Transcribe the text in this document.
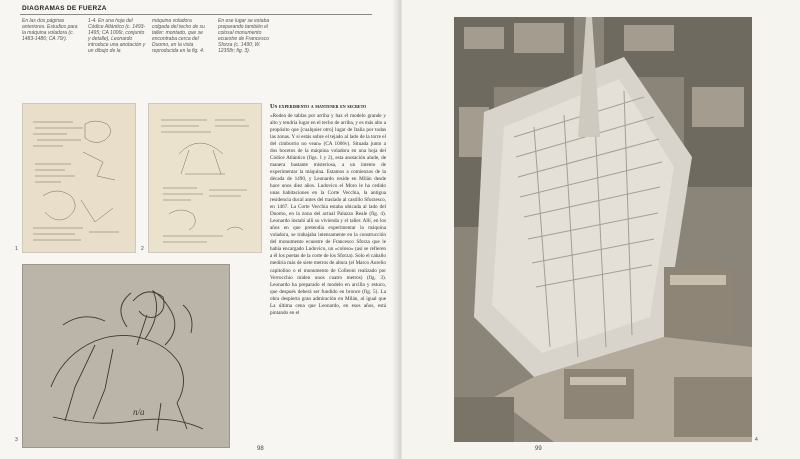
DIAGRAMAS DE FUERZA
En las dos páginas anteriores. Estudios para la máquina voladora (c. 1483-1486; CA 70r).
1-4. En una hoja del Códice Atlántico (c. 1493-1495; CA 1006r, conjunto y detalle), Leonardo introduce una anotación y un dibujo de la
máquina voladora colgada del techo de su taller: montado, que se encontraba cerca del Duomo, en la vista reproducida en la fig. 4.
En ese lugar se estaba preparando también el colosal monumento ecuestre de Francesco Sforza (c. 1490; W. 12358r; fig. 3).
1	2
n/a
3
Un experimento a mantener en secreto
«Rodea de tablas por arriba y haz el modelo grande y alto y tendría lugar en el techo de arriba, y es más alto a propósito que [cualquier otro] lugar de Italia por todas las zonas. Y si estás sobre el tejado al lado de la torre el del cimborrio no vean» (CA 1006v). Situada junto a dos bocetos de la máquina voladora en una hoja del Códice Atlántico (figs. 1 y 2), esta anotación alude, de manera bastante misteriosa, a un intento de experimentar la máquina. Estamos a comienzos de la década de 1490, y Leonardo reside en Milán desde hace unos diez años. Ludovico el Moro le ha cedido unas habitaciones en la Corte Vecchia, la antigua residencia ducal antes del traslado al castillo Sforzesco, en 1467. La Corte Vecchia estaba ubicada al lado del Duomo, en la zona del actual Palazzo Reale (fig. 4). Leonardo instaló allí su vivienda y el taller. Allí, en los años en que pretendía experimentar la máquina voladora, se trabajaba intensamente en la construcción del monumento ecuestre de Francesco Sforza que le había encargado Ludovico, un «coloso» (así se refieren a él los poetas de la corte de los Sforza). Solo el caballo mediría más de siete metros de altura (el Marco Aurelio capitolino o el monumento de Colleoni realizado por Verrocchio miden unos cuatro metros) (fig. 3). Leonardo ha preparado el modelo en arcilla y estuco, que después deberá ser fundido en bronce (fig. 5). La obra despierta gran admiración en Milán, al igual que La última cena que Leonardo, en esos años, está pintando en el
98
4
99
